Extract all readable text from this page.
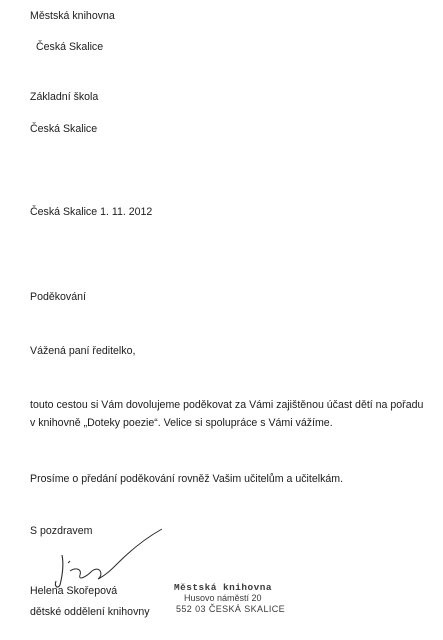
Městská knihovna
Česká Skalice
Základní škola
Česká Skalice
Česká Skalice 1. 11. 2012
Poděkování
Vážená paní ředitelko,
touto cestou si Vám dovolujeme poděkovat za Vámi zajištěnou účast dětí na pořadu
v knihovně „Doteky poezie“. Velice si spolupráce s Vámi vážíme.
Prosíme o předání poděkování rovněž Vašim učitelům a učitelkám.
S pozdravem
Helena Skořepová
dětské oddělení knihovny
Městská knihovna
Husovo náměstí 20
552 03 ČESKÁ SKALICE
